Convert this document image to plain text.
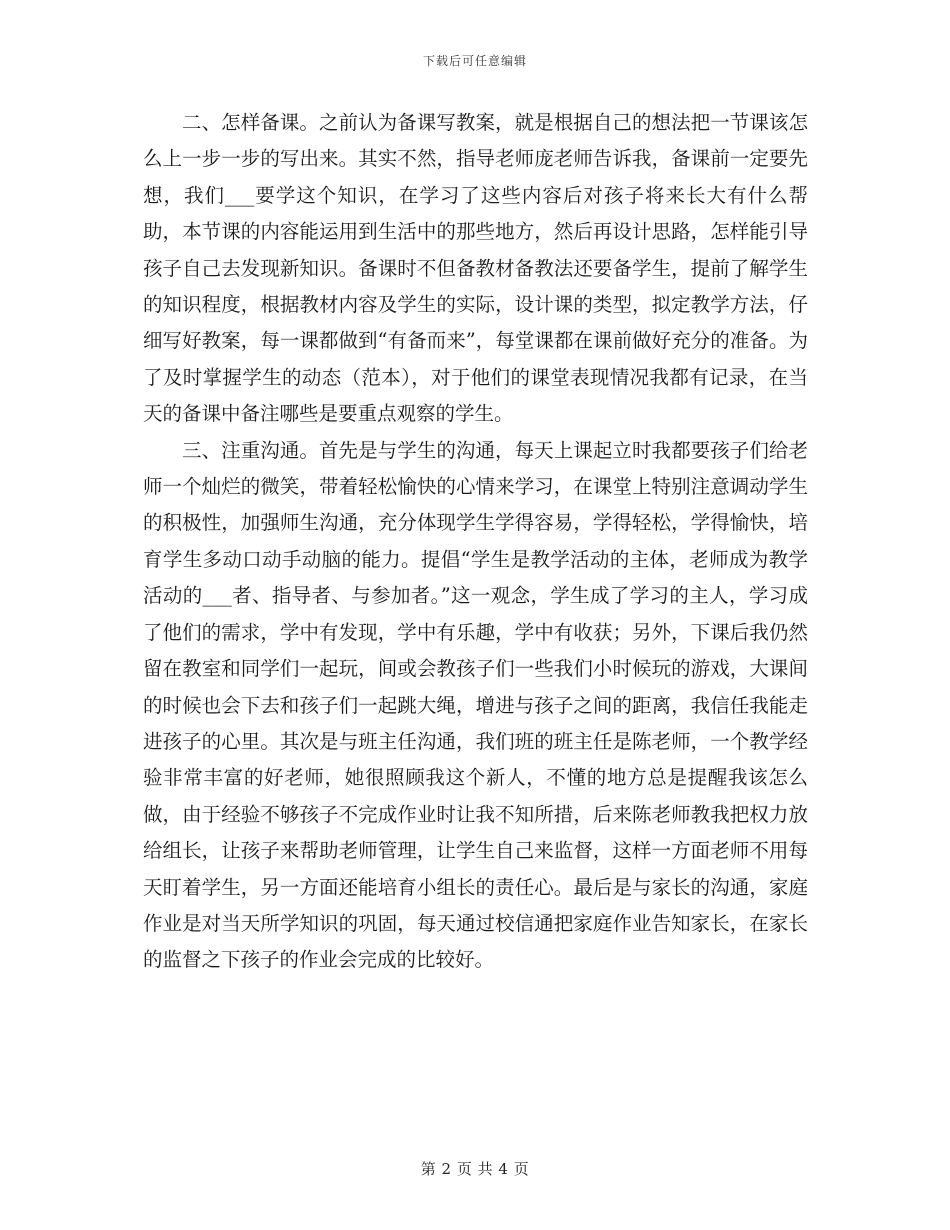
下载后可任意编辑

二、怎样备课。之前认为备课写教案，就是根据自己的想法把一节课该怎么上一步一步的写出来。其实不然，指导老师庞老师告诉我，备课前一定要先想，我们___要学这个知识，在学习了这些内容后对孩子将来长大有什么帮助，本节课的内容能运用到生活中的那些地方，然后再设计思路，怎样能引导孩子自己去发现新知识。备课时不但备教材备教法还要备学生，提前了解学生的知识程度，根据教材内容及学生的实际，设计课的类型，拟定教学方法，仔细写好教案，每一课都做到“有备而来”，每堂课都在课前做好充分的准备。为了及时掌握学生的动态（范本），对于他们的课堂表现情况我都有记录，在当天的备课中备注哪些是要重点观察的学生。

三、注重沟通。首先是与学生的沟通，每天上课起立时我都要孩子们给老师一个灿烂的微笑，带着轻松愉快的心情来学习，在课堂上特别注意调动学生的积极性，加强师生沟通，充分体现学生学得容易，学得轻松，学得愉快，培育学生多动口动手动脑的能力。提倡“学生是教学活动的主体，老师成为教学活动的___者、指导者、与参加者。”这一观念，学生成了学习的主人，学习成了他们的需求，学中有发现，学中有乐趣，学中有收获；另外，下课后我仍然留在教室和同学们一起玩，间或会教孩子们一些我们小时候玩的游戏，大课间的时候也会下去和孩子们一起跳大绳，增进与孩子之间的距离，我信任我能走进孩子的心里。其次是与班主任沟通，我们班的班主任是陈老师，一个教学经验非常丰富的好老师，她很照顾我这个新人，不懂的地方总是提醒我该怎么做，由于经验不够孩子不完成作业时让我不知所措，后来陈老师教我把权力放给组长，让孩子来帮助老师管理，让学生自己来监督，这样一方面老师不用每天盯着学生，另一方面还能培育小组长的责任心。最后是与家长的沟通，家庭作业是对当天所学知识的巩固，每天通过校信通把家庭作业告知家长，在家长的监督之下孩子的作业会完成的比较好。

第 2 页 共 4 页
